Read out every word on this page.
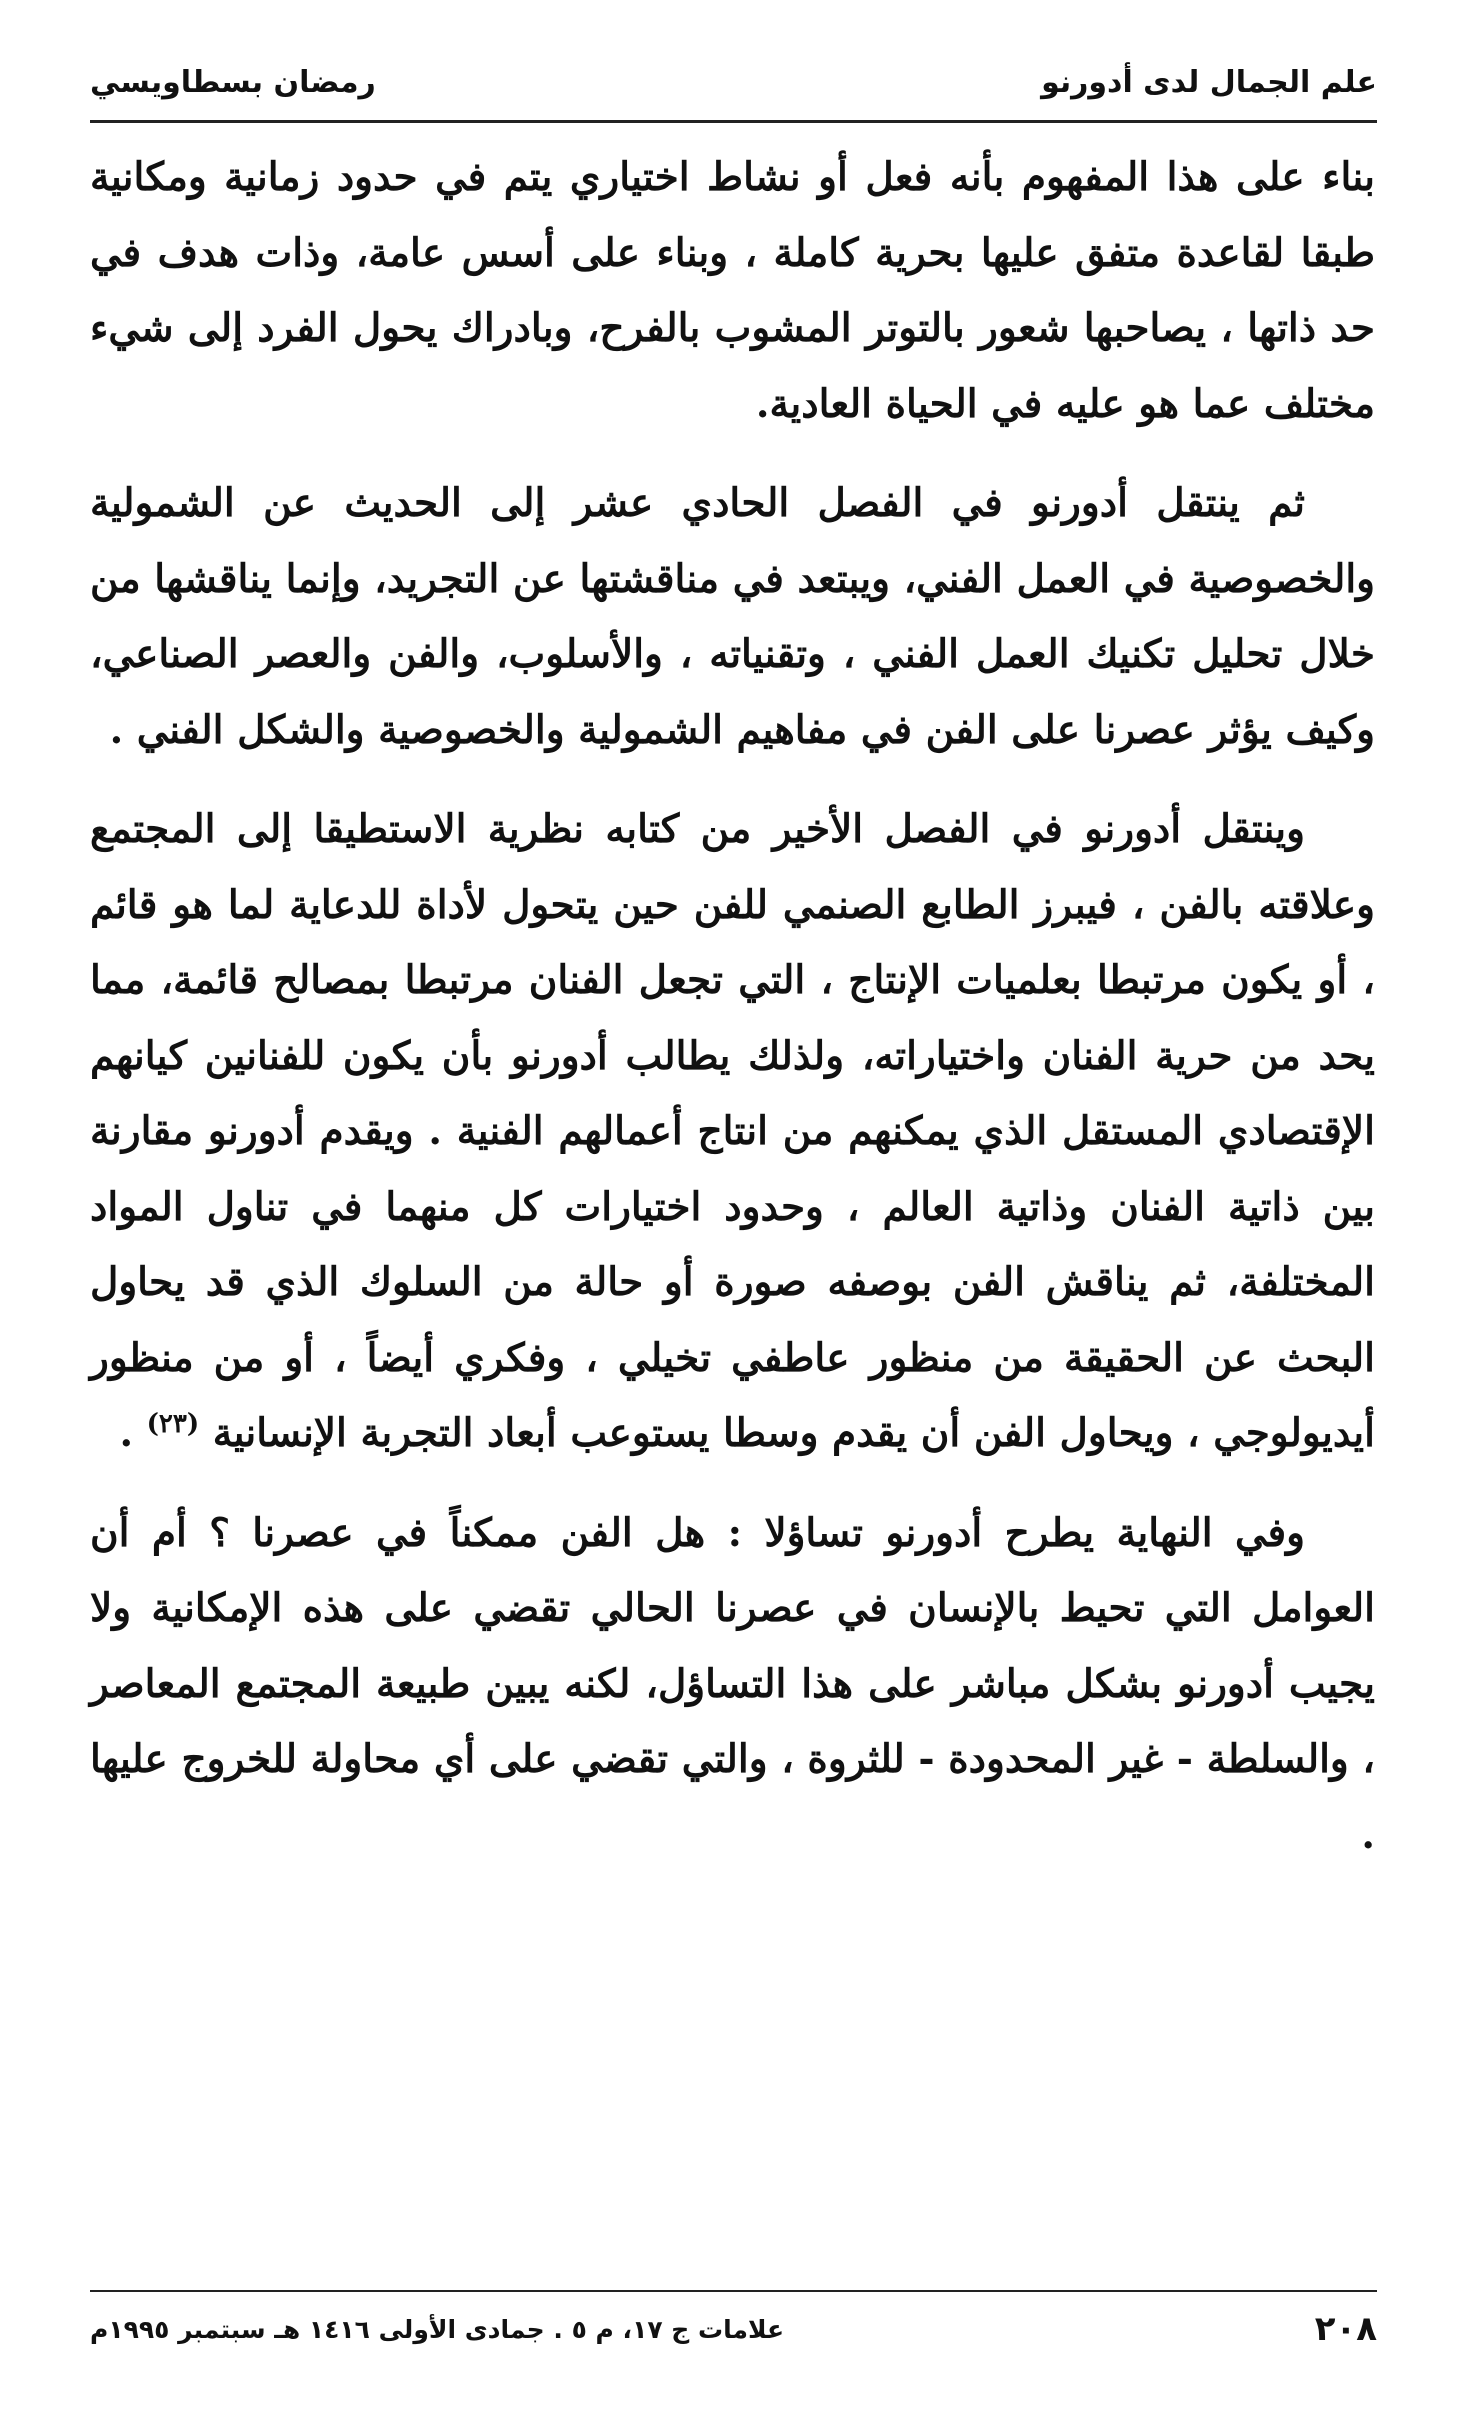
علم الجمال لدى أدورنو
رمضان بسطاويسي

بناء على هذا المفهوم بأنه فعل أو نشاط اختياري يتم في حدود زمانية ومكانية طبقا لقاعدة متفق عليها بحرية كاملة ، وبناء على أسس عامة، وذات هدف في حد ذاتها ، يصاحبها شعور بالتوتر المشوب بالفرح، وبادراك يحول الفرد إلى شيء مختلف عما هو عليه في الحياة العادية.

ثم ينتقل أدورنو في الفصل الحادي عشر إلى الحديث عن الشمولية والخصوصية في العمل الفني، ويبتعد في مناقشتها عن التجريد، وإنما يناقشها من خلال تحليل تكنيك العمل الفني ، وتقنياته ، والأسلوب، والفن والعصر الصناعي، وكيف يؤثر عصرنا على الفن في مفاهيم الشمولية والخصوصية والشكل الفني .

وينتقل أدورنو في الفصل الأخير من كتابه نظرية الاستطيقا إلى المجتمع وعلاقته بالفن ، فيبرز الطابع الصنمي للفن حين يتحول لأداة للدعاية لما هو قائم ، أو يكون مرتبطا بعلميات الإنتاج ، التي تجعل الفنان مرتبطا بمصالح قائمة، مما يحد من حرية الفنان واختياراته، ولذلك يطالب أدورنو بأن يكون للفنانين كيانهم الإقتصادي المستقل الذي يمكنهم من انتاج أعمالهم الفنية . ويقدم أدورنو مقارنة بين ذاتية الفنان وذاتية العالم ، وحدود اختيارات كل منهما في تناول المواد المختلفة، ثم يناقش الفن بوصفه صورة أو حالة من السلوك الذي قد يحاول البحث عن الحقيقة من منظور عاطفي تخيلي ، وفكري أيضاً ، أو من منظور أيديولوجي ، ويحاول الفن أن يقدم وسطا يستوعب أبعاد التجربة الإنسانية $^{(٢٣)}$ .

وفي النهاية يطرح أدورنو تساؤلا : هل الفن ممكناً في عصرنا ؟ أم أن العوامل التي تحيط بالإنسان في عصرنا الحالي تقضي على هذه الإمكانية ولا يجيب أدورنو بشكل مباشر على هذا التساؤل، لكنه يبين طبيعة المجتمع المعاصر ، والسلطة - غير المحدودة - للثروة ، والتي تقضي على أي محاولة للخروج عليها .

٢٠٨
علامات ج ١٧، م ٥ . جمادى الأولى ١٤١٦ هـ سبتمبر ١٩٩٥م
